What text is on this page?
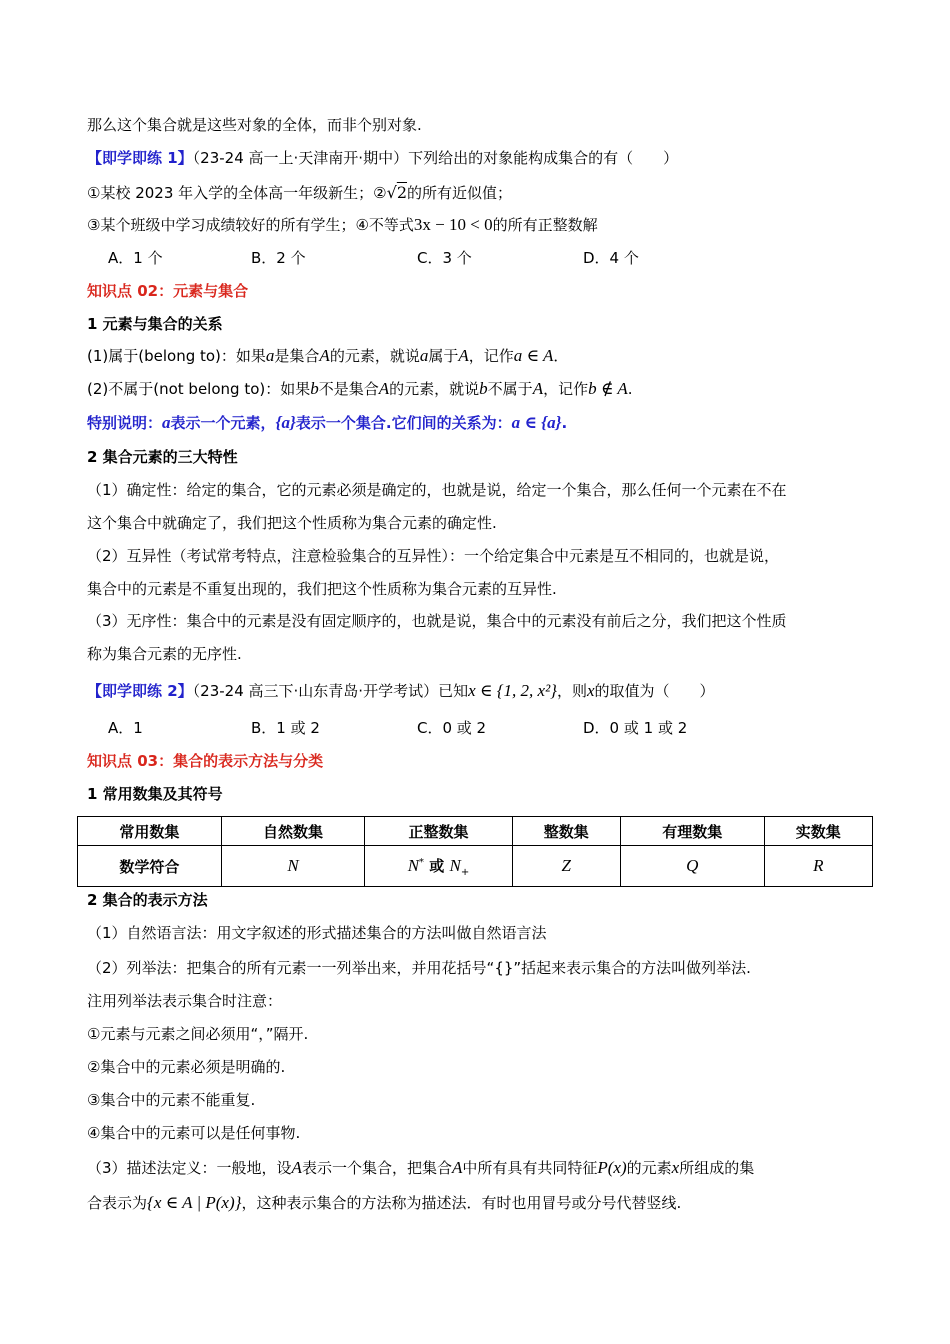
那么这个集合就是这些对象的全体，而非个别对象.
【即学即练 1】（23-24 高一上·天津南开·期中）下列给出的对象能构成集合的有（　　）
①某校 2023 年入学的全体高一年级新生；②√2的所有近似值；
③某个班级中学习成绩较好的所有学生；④不等式3x − 10 < 0的所有正整数解
A．1 个	B．2 个	C．3 个	D．4 个
知识点 02：元素与集合
1 元素与集合的关系
(1)属于(belong to)：如果a是集合A的元素，就说a属于A，记作a ∈ A．
(2)不属于(not belong to)：如果b不是集合A的元素，就说b不属于A，记作b ∉ A.
特别说明：a表示一个元素，{a}表示一个集合.它们间的关系为：a ∈ {a}.
2 集合元素的三大特性
（1）确定性：给定的集合，它的元素必须是确定的，也就是说，给定一个集合，那么任何一个元素在不在
这个集合中就确定了，我们把这个性质称为集合元素的确定性.
（2）互异性（考试常考特点，注意检验集合的互异性）：一个给定集合中元素是互不相同的，也就是说，
集合中的元素是不重复出现的，我们把这个性质称为集合元素的互异性.
（3）无序性：集合中的元素是没有固定顺序的，也就是说，集合中的元素没有前后之分，我们把这个性质
称为集合元素的无序性.
【即学即练 2】（23-24 高三下·山东青岛·开学考试）已知x ∈ {1, 2, x²}，则x的取值为（　　）
A．1	B．1 或 2	C．0 或 2	D．0 或 1 或 2
知识点 03：集合的表示方法与分类
1 常用数集及其符号
常用数集	自然数集	正整数集	整数集	有理数集	实数集
数学符合	N	N* 或 $N_+$	Z	Q	R
2 集合的表示方法
（1）自然语言法：用文字叙述的形式描述集合的方法叫做自然语言法
（2）列举法：把集合的所有元素一一列举出来，并用花括号“{}”括起来表示集合的方法叫做列举法.
注用列举法表示集合时注意：
①元素与元素之间必须用“，”隔开.
②集合中的元素必须是明确的.
③集合中的元素不能重复.
④集合中的元素可以是任何事物.
（3）描述法定义：一般地，设A表示一个集合，把集合A中所有具有共同特征P(x)的元素x所组成的集
合表示为{x ∈ A | P(x)}，这种表示集合的方法称为描述法．有时也用冒号或分号代替竖线.
